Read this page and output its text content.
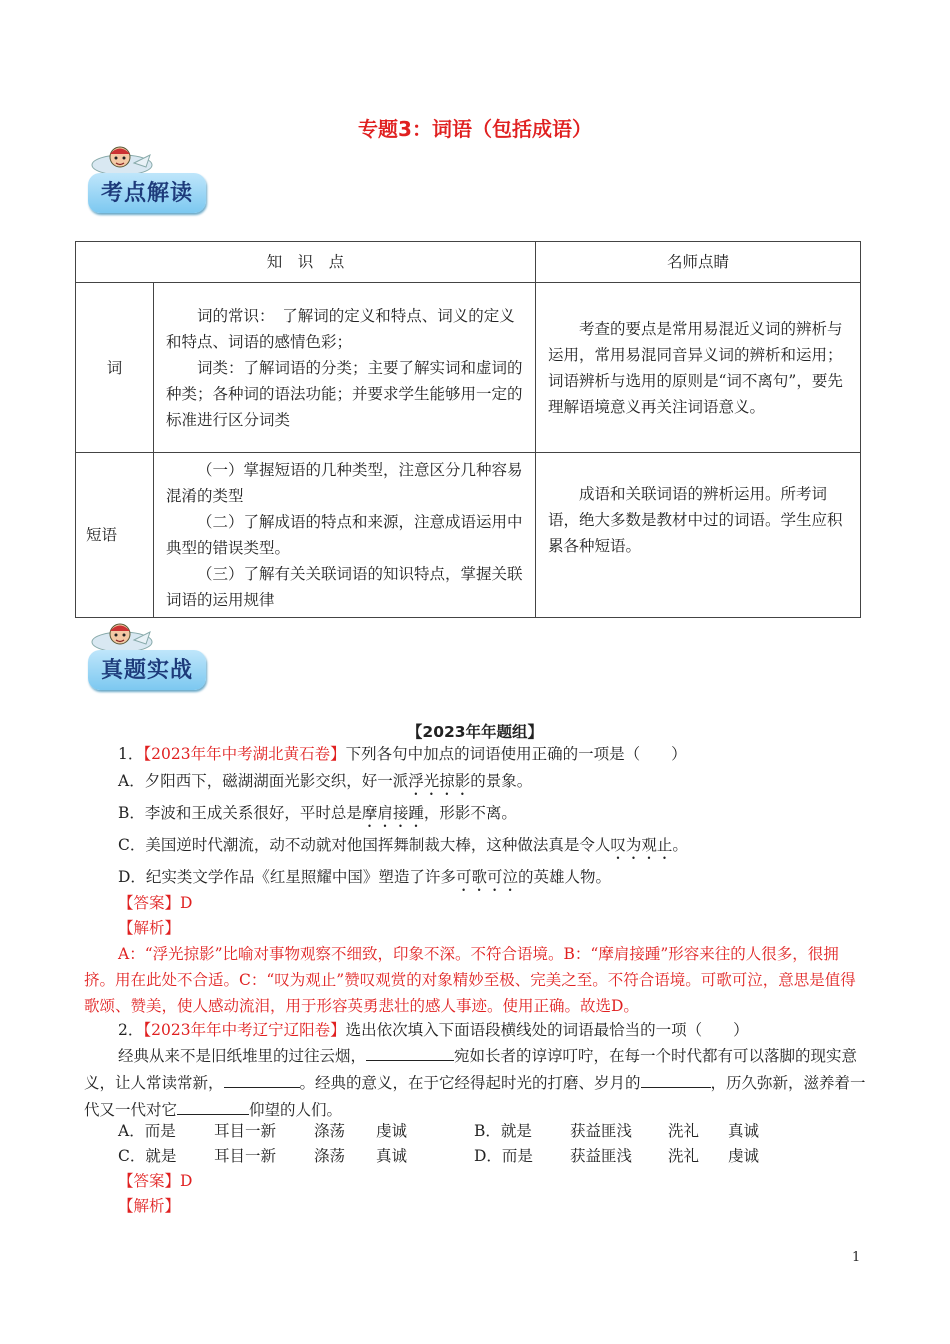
专题3：词语（包括成语）
考点解读
知　识　点		名师点睛
词	词的常识：　了解词的定义和特点、词义的定义和特点、词语的感情色彩；

词类：了解词语的分类；主要了解实词和虚词的种类；各种词的语法功能；并要求学生能够用一定的标准进行区分词类	考查的要点是常用易混近义词的辨析与运用，常用易混同音异义词的辨析和运用；词语辨析与选用的原则是“词不离句”，要先理解语境意义再关注词语意义。

短语	（一）掌握短语的几种类型，注意区分几种容易混淆的类型

（二）了解成语的特点和来源，注意成语运用中典型的错误类型。

（三）了解有关关联词语的知识特点，掌握关联词语的运用规律	成语和关联词语的辨析运用。所考词语，绝大多数是教材中过的词语。学生应积累各种短语。

真题实战
【2023年年题组】
1．【2023年年中考湖北黄石卷】下列各句中加点的词语使用正确的一项是（　　）
A．夕阳西下，磁湖湖面光影交织，好一派浮光掠影的景象。
B．李波和王成关系很好，平时总是摩肩接踵，形影不离。
C．美国逆时代潮流，动不动就对他国挥舞制裁大棒，这种做法真是令人叹为观止。
D．纪实类文学作品《红星照耀中国》塑造了许多可歌可泣的英雄人物。
【答案】D
【解析】
A：“浮光掠影”比喻对事物观察不细致，印象不深。不符合语境。B：“摩肩接踵”形容来往的人很多，很拥挤。用在此处不合适。C：“叹为观止”赞叹观赏的对象精妙至极、完美之至。不符合语境。可歌可泣，意思是值得歌颂、赞美，使人感动流泪，用于形容英勇悲壮的感人事迹。使用正确。故选D。
2．【2023年年中考辽宁辽阳卷】选出依次填入下面语段横线处的词语最恰当的一项（　　）
经典从来不是旧纸堆里的过往云烟，	宛如长者的谆谆叮咛，在每一个时代都有可以落脚的现实意义，让人常读常新，	。经典的意义，在于它经得起时光的打磨、岁月的	，历久弥新，滋养着一代又一代对它	仰望的人们。
A．而是 耳目一新 涤荡 虔诚	B．就是 获益匪浅 洗礼 真诚
C．就是 耳目一新 涤荡 真诚	D．而是 获益匪浅 洗礼 虔诚
【答案】D
【解析】
1
